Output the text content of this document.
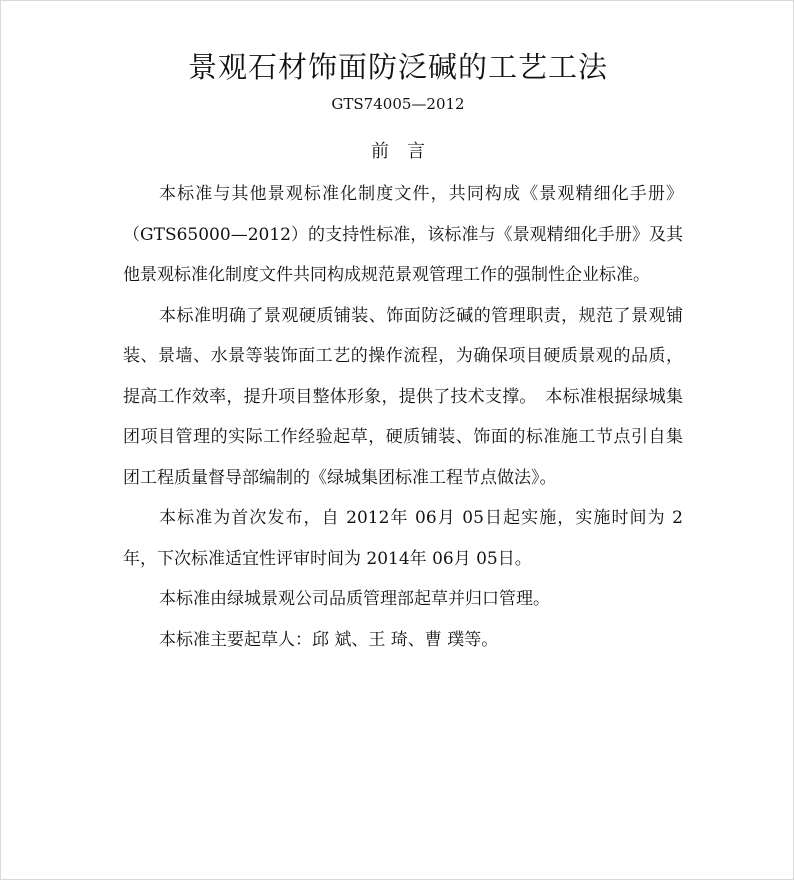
景观石材饰面防泛碱的工艺工法
GTS74005—2012
前言

本标准与其他景观标准化制度文件，共同构成《景观精细化手册》（GTS65000—2012）的支持性标准，该标准与《景观精细化手册》及其他景观标准化制度文件共同构成规范景观管理工作的强制性企业标准。

本标准明确了景观硬质铺装、饰面防泛碱的管理职责，规范了景观铺装、景墙、水景等装饰面工艺的操作流程，为确保项目硬质景观的品质，提高工作效率，提升项目整体形象，提供了技术支撑。　本标准根据绿城集团项目管理的实际工作经验起草，硬质铺装、饰面的标准施工节点引自集团工程质量督导部编制的《绿城集团标准工程节点做法》。

本标准为首次发布，自 2012年 06月 05日起实施，实施时间为 2年，下次标准适宜性评审时间为 2014年 06月 05日。

本标准由绿城景观公司品质管理部起草并归口管理。

本标准主要起草人：邱 斌、王 琦、曹 璞等。
